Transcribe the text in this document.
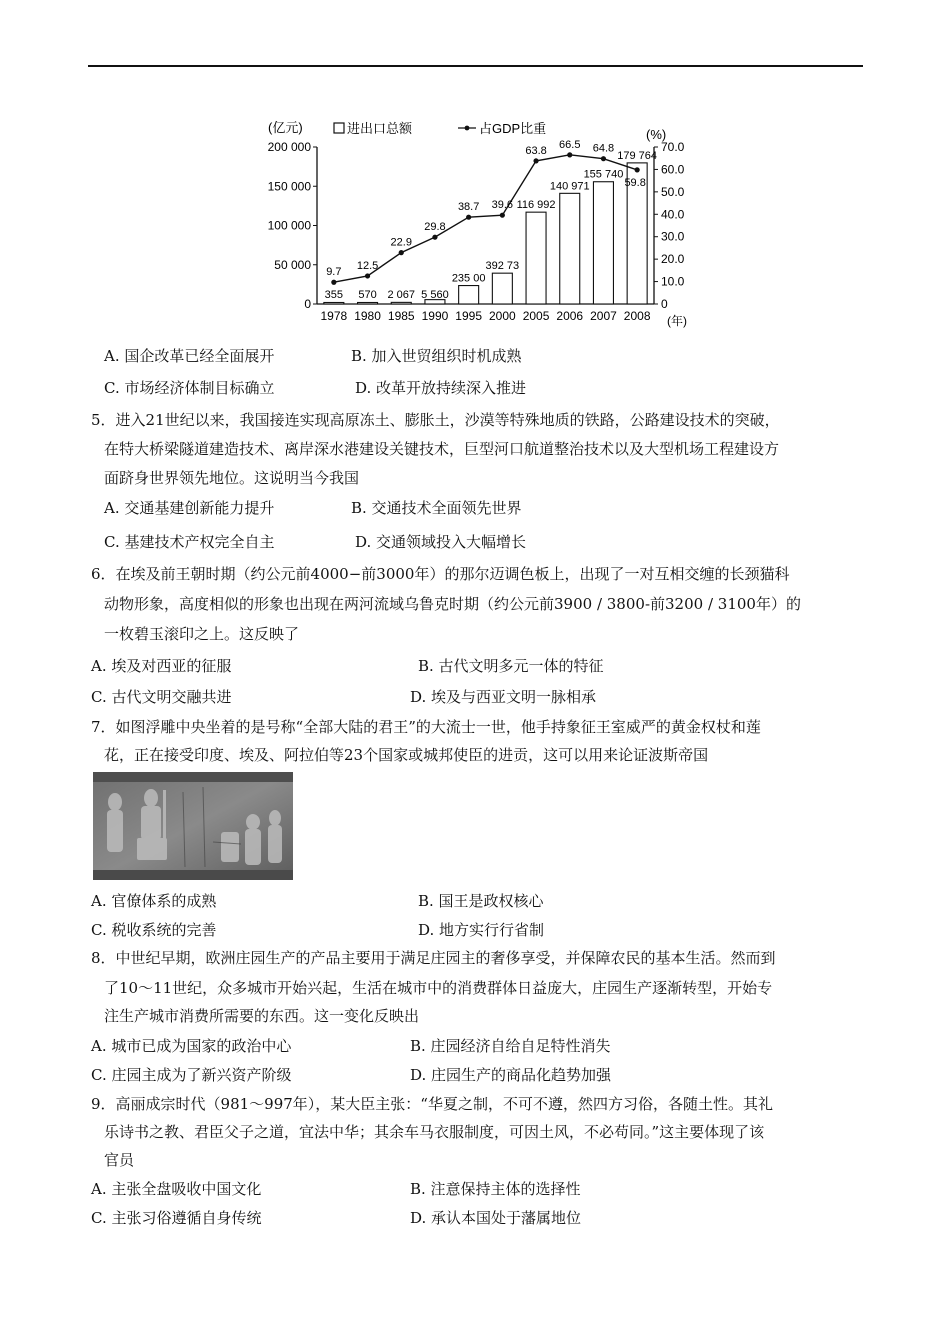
(亿元)	进出口总额	占GDP比重	(%)
200 000
150 000
100 000
50 000
0
70.0
60.0
50.0
40.0
30.0
20.0
10.0
0
355 570 2 067 5 560
235 00
392 73
116 992
140 971
155 740
179 764
9.7
12.5
22.9
29.8
38.7 39.6
63.8
66.5 64.8
59.8
1978 1980 1985 1990 1995 2000 2005 2006 2007 2008 (年)
A. 国企改革已经全面展开	B. 加入世贸组织时机成熟
C. 市场经济体制目标确立	D. 改革开放持续深入推进
5．进入21世纪以来，我国接连实现高原冻土、膨胀土，沙漠等特殊地质的铁路，公路建设技术的突破，
在特大桥梁隧道建造技术、离岸深水港建设关键技术，巨型河口航道整治技术以及大型机场工程建设方
面跻身世界领先地位。这说明当今我国
A. 交通基建创新能力提升	B. 交通技术全面领先世界
C. 基建技术产权完全自主	D. 交通领域投入大幅增长
6．在埃及前王朝时期（约公元前4000−前3000年）的那尔迈调色板上，出现了一对互相交缠的长颈猫科
动物形象，高度相似的形象也出现在两河流域乌鲁克时期（约公元前3900 / 3800-前3200 / 3100年）的
一枚碧玉滚印之上。这反映了
A. 埃及对西亚的征服	B. 古代文明多元一体的特征
C. 古代文明交融共进	D. 埃及与西亚文明一脉相承
7．如图浮雕中央坐着的是号称“全部大陆的君王”的大流士一世，他手持象征王室威严的黄金权杖和莲
花，正在接受印度、埃及、阿拉伯等23个国家或城邦使臣的进贡，这可以用来论证波斯帝国
A. 官僚体系的成熟	B. 国王是政权核心
C. 税收系统的完善	D. 地方实行行省制
8．中世纪早期，欧洲庄园生产的产品主要用于满足庄园主的奢侈享受，并保障农民的基本生活。然而到
了10～11世纪，众多城市开始兴起，生活在城市中的消费群体日益庞大，庄园生产逐渐转型，开始专
注生产城市消费所需要的东西。这一变化反映出
A. 城市已成为国家的政治中心	B. 庄园经济自给自足特性消失
C. 庄园主成为了新兴资产阶级	D. 庄园生产的商品化趋势加强
9．高丽成宗时代（981～997年），某大臣主张：“华夏之制，不可不遵，然四方习俗，各随土性。其礼
乐诗书之教、君臣父子之道，宜法中华；其余车马衣服制度，可因土风，不必苟同。”这主要体现了该
官员
A. 主张全盘吸收中国文化	B. 注意保持主体的选择性
C. 主张习俗遵循自身传统	D. 承认本国处于藩属地位
